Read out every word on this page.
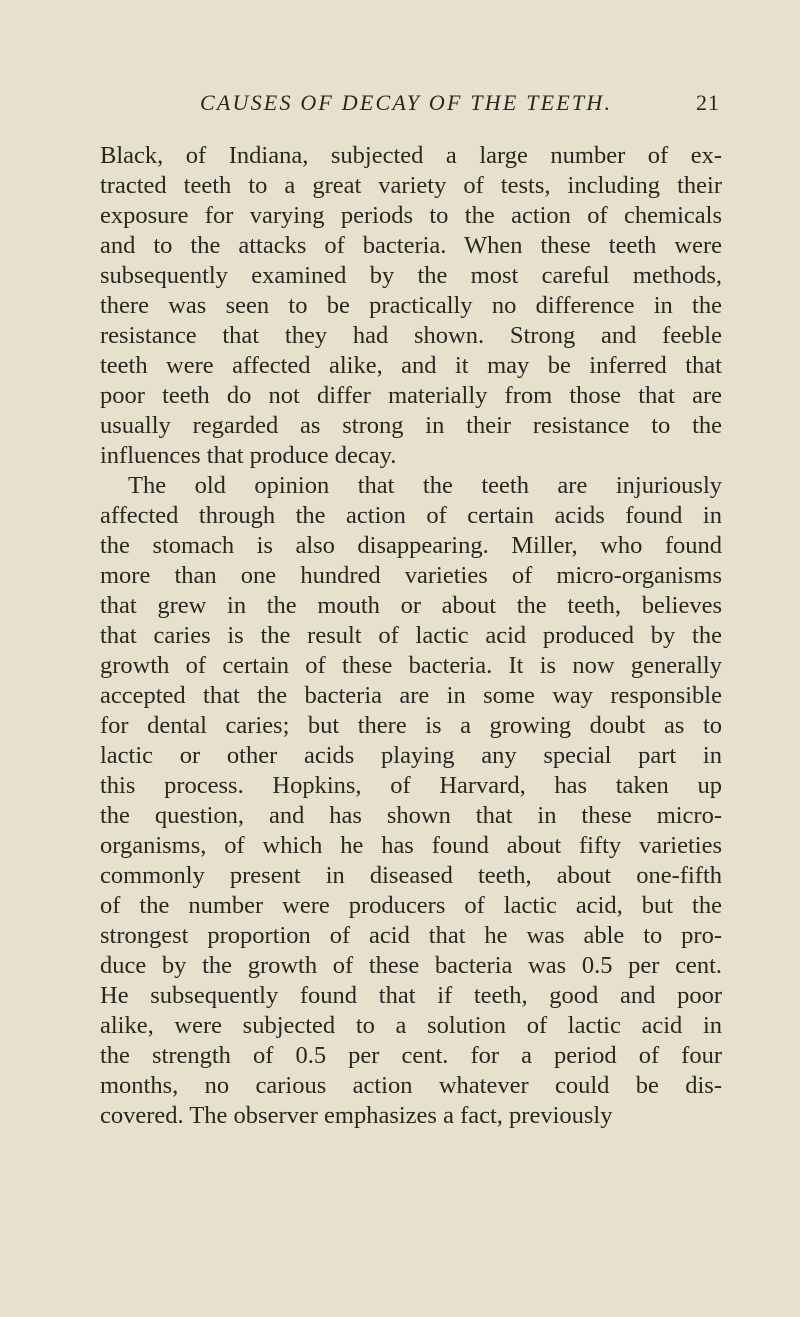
CAUSES OF DECAY OF THE TEETH.	21
Black, of Indiana, subjected a large number of ex-
tracted teeth to a great variety of tests, including their
exposure for varying periods to the action of chemicals
and to the attacks of bacteria. When these teeth were
subsequently examined by the most careful methods,
there was seen to be practically no difference in the
resistance that they had shown. Strong and feeble
teeth were affected alike, and it may be inferred that
poor teeth do not differ materially from those that are
usually regarded as strong in their resistance to the
influences that produce decay.
The old opinion that the teeth are injuriously
affected through the action of certain acids found in
the stomach is also disappearing. Miller, who found
more than one hundred varieties of micro-organisms
that grew in the mouth or about the teeth, believes
that caries is the result of lactic acid produced by the
growth of certain of these bacteria. It is now generally
accepted that the bacteria are in some way responsible
for dental caries; but there is a growing doubt as to
lactic or other acids playing any special part in
this process. Hopkins, of Harvard, has taken up
the question, and has shown that in these micro-
organisms, of which he has found about fifty varieties
commonly present in diseased teeth, about one-fifth
of the number were producers of lactic acid, but the
strongest proportion of acid that he was able to pro-
duce by the growth of these bacteria was 0.5 per cent.
He subsequently found that if teeth, good and poor
alike, were subjected to a solution of lactic acid in
the strength of 0.5 per cent. for a period of four
months, no carious action whatever could be dis-
covered. The observer emphasizes a fact, previously
